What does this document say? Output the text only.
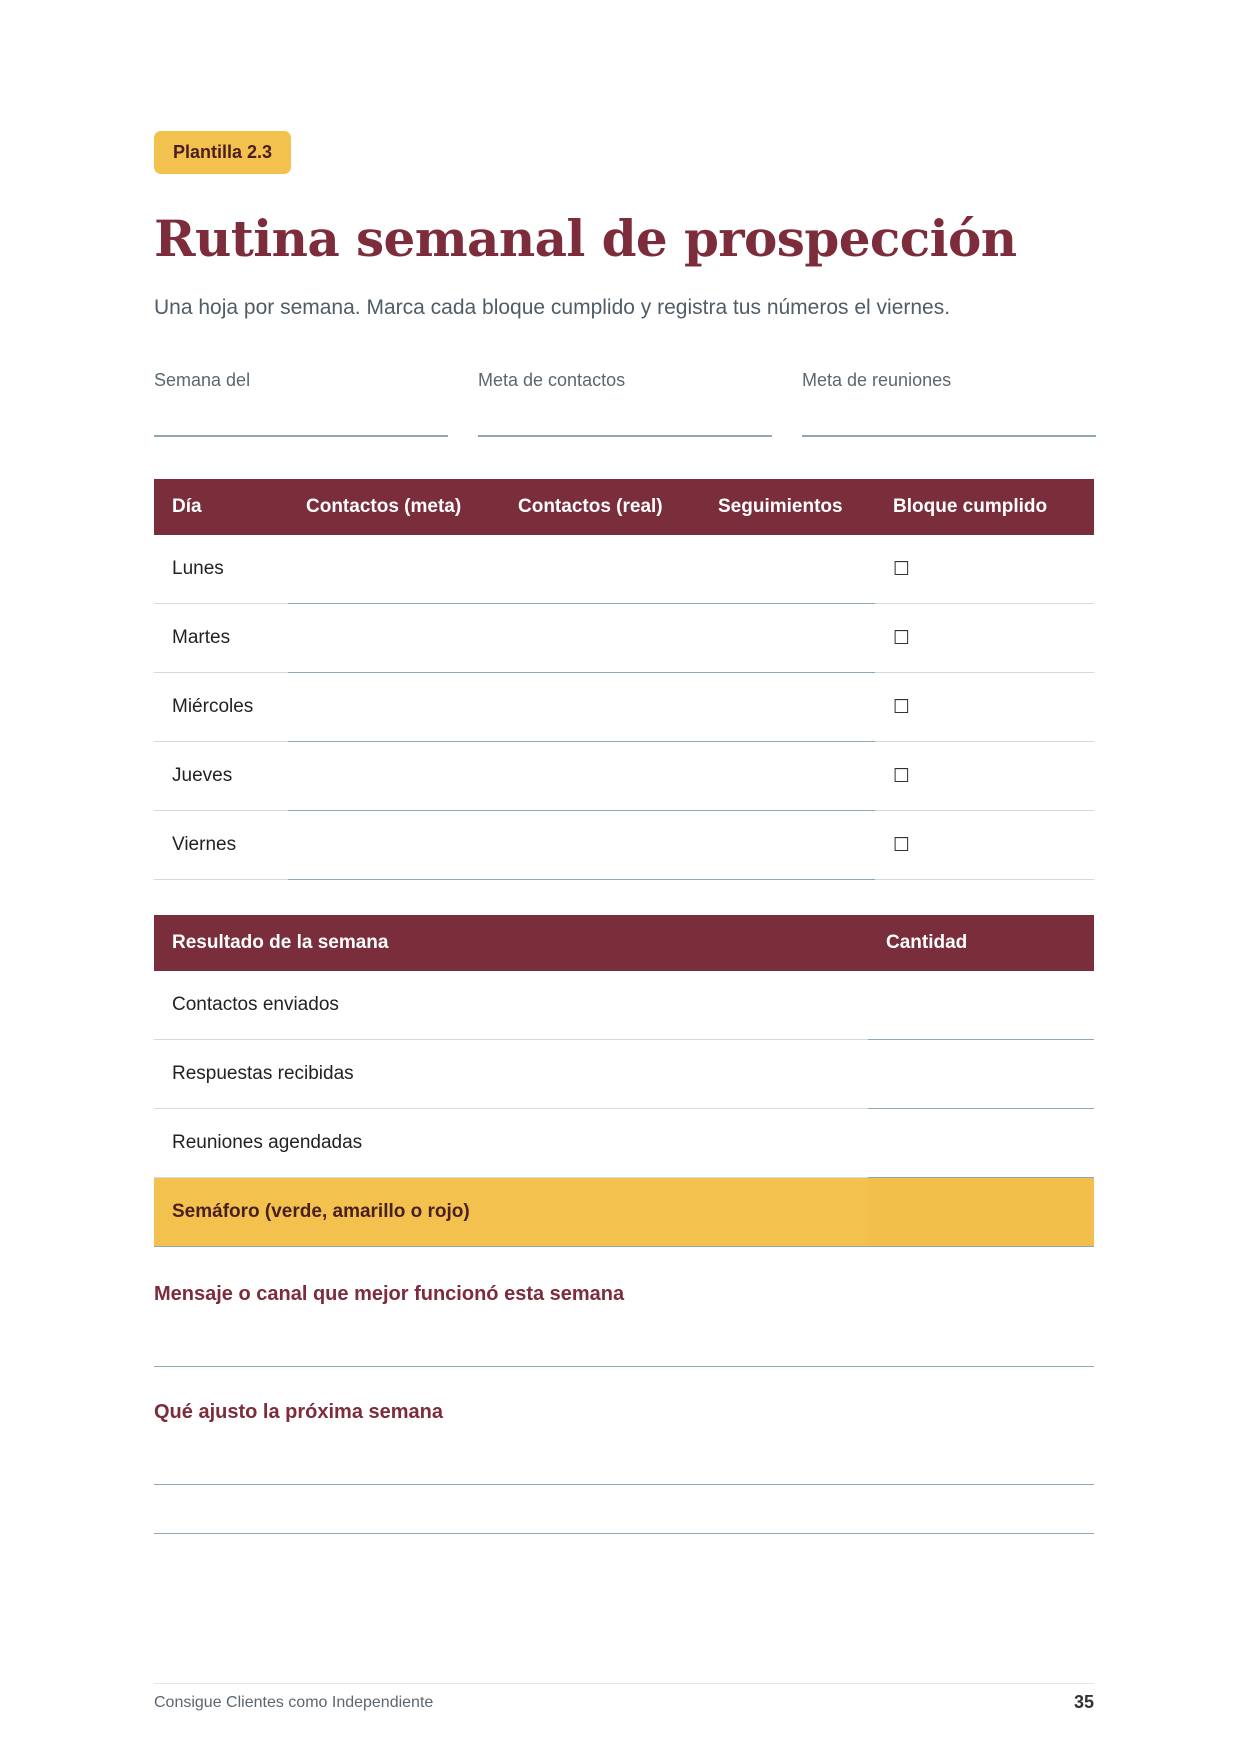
Plantilla 2.3
Rutina semanal de prospección
Una hoja por semana. Marca cada bloque cumplido y registra tus números el viernes.
Semana del	Meta de contactos	Meta de reuniones
Día	Contactos (meta)	Contactos (real)	Seguimientos	Bloque cumplido
Lunes				☐
Martes				☐
Miércoles				☐
Jueves				☐
Viernes				☐
Resultado de la semana	Cantidad
Contactos enviados	
Respuestas recibidas	
Reuniones agendadas	
Semáforo (verde, amarillo o rojo)	
Mensaje o canal que mejor funcionó esta semana
Qué ajusto la próxima semana
Consigue Clientes como Independiente	35
